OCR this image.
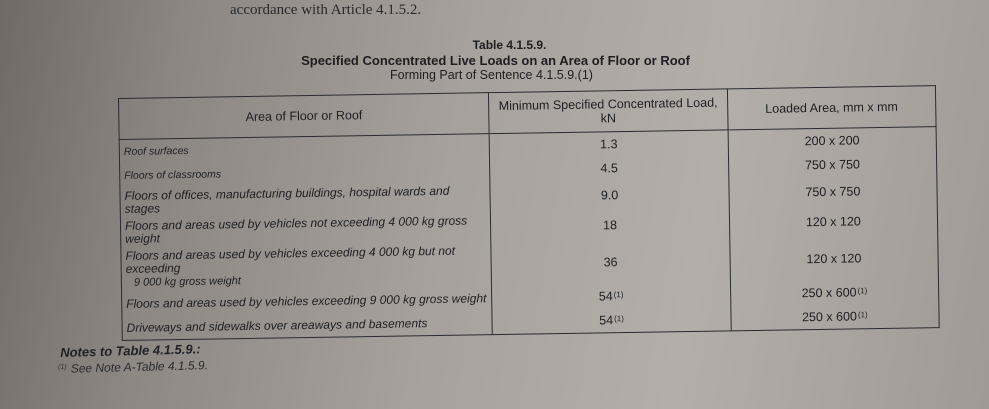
accordance with Article 4.1.5.2.
Table 4.1.5.9.
Specified Concentrated Live Loads on an Area of Floor or Roof
Forming Part of Sentence 4.1.5.9.(1)
Area of Floor or Roof	Minimum Specified Concentrated Load, kN	Loaded Area, mm x mm
Roof surfaces	1.3	200 x 200
Floors of classrooms	4.5	750 x 750
Floors of offices, manufacturing buildings, hospital wards and stages	9.0	750 x 750
Floors and areas used by vehicles not exceeding 4 000 kg gross weight	18	120 x 120
Floors and areas used by vehicles exceeding 4 000 kg but not exceeding
9 000 kg gross weight	36	120 x 120
Floors and areas used by vehicles exceeding 9 000 kg gross weight	54$^{(1)}$	250 x 600$^{(1)}$
Driveways and sidewalks over areaways and basements	54$^{(1)}$	250 x 600$^{(1)}$
Notes to Table 4.1.5.9.:
$^{(1)}$ See Note A-Table 4.1.5.9.
